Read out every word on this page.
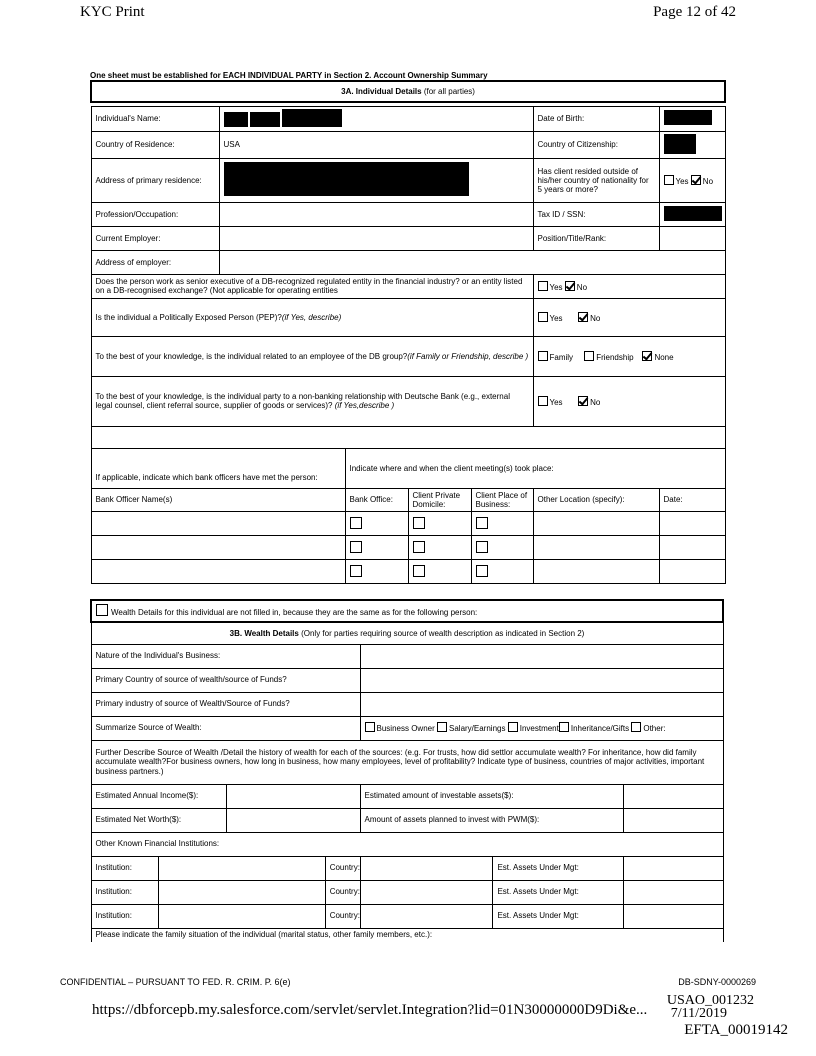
KYC Print	Page 12 of 42
One sheet must be established for EACH INDIVIDUAL PARTY in Section 2. Account Ownership Summary
3A. Individual Details (for all parties)						

Individual's Name:					Date of Birth:	
Country of Residence:	USA				Country of Citizenship:	
Address of primary residence:					Has client resided outside of his/her country of nationality for 5 years or more?	Yes No
Profession/Occupation:					Tax ID / SSN:	
Current Employer:					Position/Title/Rank:	
Address of employer:						
Does the person work as senior executive of a DB-recognized regulated entity in the financial industry? or an entity listed on a DB-recognised exchange? (Not applicable for operating entities					Yes No	
Is the individual a Politically Exposed Person (PEP)?(if Yes, describe)					Yes No	
To the best of your knowledge, is the individual related to an employee of the DB group?(if Family or Friendship, describe )					Family Friendship None	
To the best of your knowledge, is the individual party to a non-banking relationship with Deutsche Bank (e.g., external legal counsel, client referral source, supplier of goods or services)? (if Yes,describe )					Yes No	

If applicable, indicate which bank officers have met the person:		Indicate where and when the client meeting(s) took place:				
Bank Officer Name(s)		Bank Office:	Client Private Domicile:	Client Place of Business:	Other Location (specify):	Date:

Wealth Details for this individual are not filled in, because they are the same as for the following person:						
3B. Wealth Details (Only for parties requiring source of wealth description as indicated in Section 2)						
Nature of the Individual's Business:						
Primary Country of source of wealth/source of Funds?						
Primary industry of source of Wealth/Source of Funds?						
Summarize Source of Wealth:				Business Owner Salary/Earnings Investment Inheritance/Gifts Other:		
Further Describe Source of Wealth /Detail the history of wealth for each of the sources: (e.g. For trusts, how did settlor accumulate wealth? For inheritance, how did family accumulate wealth?For business owners, how long in business, how many employees, level of profitability? Indicate type of business, countries of major activities, important business partners.)						
Estimated Annual Income($):				Estimated amount of investable assets($):		
Estimated Net Worth($):				Amount of assets planned to invest with PWM($):		
Other Known Financial Institutions:						
Institution:			Country:		Est. Assets Under Mgt:	
Institution:			Country:		Est. Assets Under Mgt:	
Institution:			Country:		Est. Assets Under Mgt:	
Please indicate the family situation of the individual (marital status, other family members, etc.):						
CONFIDENTIAL – PURSUANT TO FED. R. CRIM. P. 6(e)	DB-SDNY-0000269
https://dbforcepb.my.salesforce.com/servlet/servlet.Integration?lid=01N30000000D9Di&e...
USAO_001232
7/11/2019
EFTA_00019142
